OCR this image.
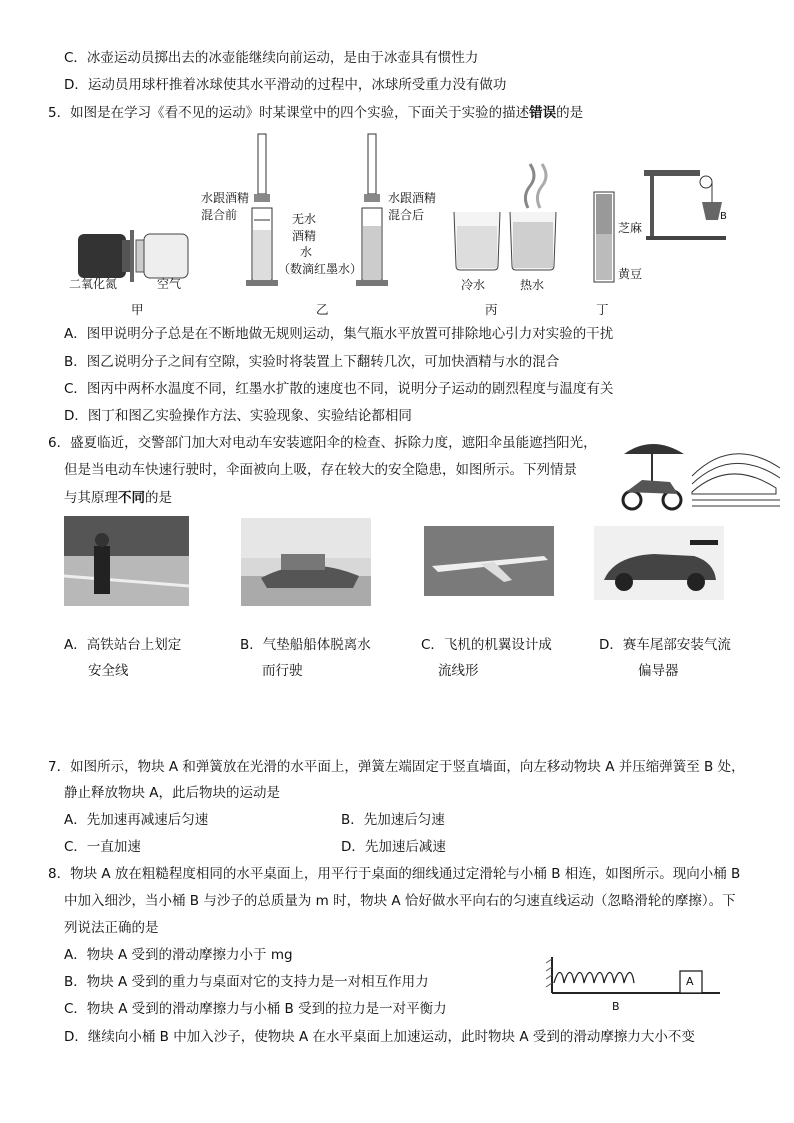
C．冰壶运动员掷出去的冰壶能继续向前运动，是由于冰壶具有惯性力
D．运动员用球杆推着冰球使其水平滑动的过程中，冰球所受重力没有做功
5．如图是在学习《看不见的运动》时某课堂中的四个实验，下面关于实验的描述错误的是
水跟酒精
混合前	无水
酒精
水
（数滴红墨水）
水跟酒精
混合后
二氧化氮	空气	冷水	热水
芝麻
黄豆
B
甲	乙	丙	丁
A．图甲说明分子总是在不断地做无规则运动，集气瓶水平放置可排除地心引力对实验的干扰
B．图乙说明分子之间有空隙，实验时将装置上下翻转几次，可加快酒精与水的混合
C．图丙中两杯水温度不同，红墨水扩散的速度也不同，说明分子运动的剧烈程度与温度有关
D．图丁和图乙实验操作方法、实验现象、实验结论都相同
6．盛夏临近，交警部门加大对电动车安装遮阳伞的检查、拆除力度，遮阳伞虽能遮挡阳光，
但是当电动车快速行驶时，伞面被向上吸，存在较大的安全隐患，如图所示。下列情景
与其原理不同的是
A．高铁站台上划定
安全线
B．气垫船船体脱离水
而行驶
C．飞机的机翼设计成
流线形
D．赛车尾部安装气流
偏导器
7．如图所示，物块 A 和弹簧放在光滑的水平面上，弹簧左端固定于竖直墙面，向左移动物块 A 并压缩弹簧至 B 处，
静止释放物块 A，此后物块的运动是
A．先加速再减速后匀速	B．先加速后匀速
C．一直加速	D．先加速后减速
8．物块 A 放在粗糙程度相同的水平桌面上，用平行于桌面的细线通过定滑轮与小桶 B 相连，如图所示。现向小桶 B
中加入细沙，当小桶 B 与沙子的总质量为 m 时，物块 A 恰好做水平向右的匀速直线运动（忽略滑轮的摩擦）。下
列说法正确的是
A．物块 A 受到的滑动摩擦力小于 mg
B．物块 A 受到的重力与桌面对它的支持力是一对相互作用力
C．物块 A 受到的滑动摩擦力与小桶 B 受到的拉力是一对平衡力
D．继续向小桶 B 中加入沙子，使物块 A 在水平桌面上加速运动，此时物块 A 受到的滑动摩擦力大小不变
A
B
